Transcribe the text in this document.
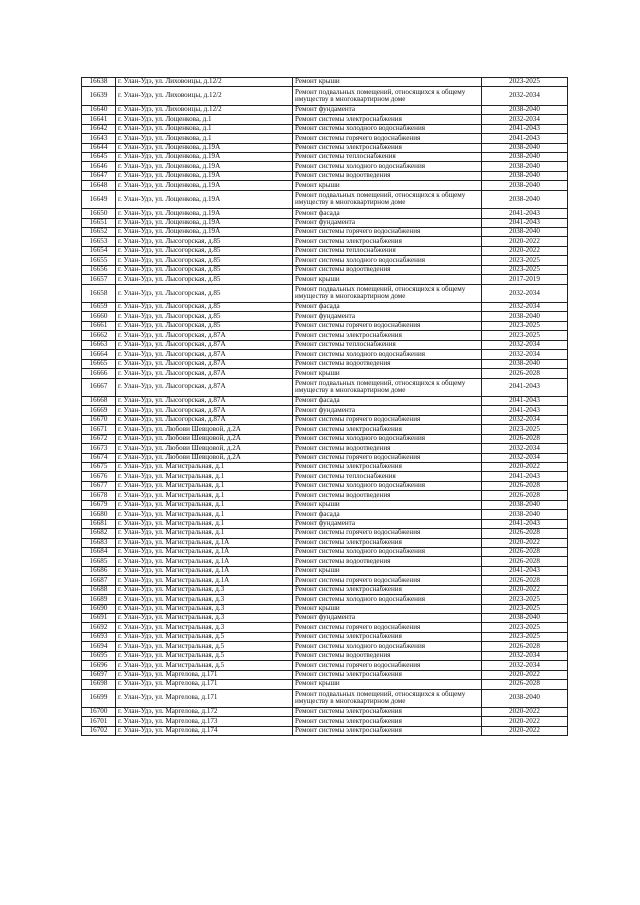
16638	г. Улан-Удэ, ул. Лиховоицы, д.12/2	Ремонт крыши	2023-2025
16639	г. Улан-Удэ, ул. Лиховоицы, д.12/2	Ремонт подвальных помещений, относящихся к общему имуществу в многоквартирном доме	2032-2034
16640	г. Улан-Удэ, ул. Лиховоицы, д.12/2	Ремонт фундамента	2038-2040
16641	г. Улан-Удэ, ул. Лощенкова, д.1	Ремонт системы электроснабжения	2032-2034
16642	г. Улан-Удэ, ул. Лощенкова, д.1	Ремонт системы холодного водоснабжения	2041-2043
16643	г. Улан-Удэ, ул. Лощенкова, д.1	Ремонт системы горячего водоснабжения	2041-2043
16644	г. Улан-Удэ, ул. Лощенкова, д.19А	Ремонт системы электроснабжения	2038-2040
16645	г. Улан-Удэ, ул. Лощенкова, д.19А	Ремонт системы теплоснабжения	2038-2040
16646	г. Улан-Удэ, ул. Лощенкова, д.19А	Ремонт системы холодного водоснабжения	2038-2040
16647	г. Улан-Удэ, ул. Лощенкова, д.19А	Ремонт системы водоотведения	2038-2040
16648	г. Улан-Удэ, ул. Лощенкова, д.19А	Ремонт крыши	2038-2040
16649	г. Улан-Удэ, ул. Лощенкова, д.19А	Ремонт подвальных помещений, относящихся к общему имуществу в многоквартирном доме	2038-2040
16650	г. Улан-Удэ, ул. Лощенкова, д.19А	Ремонт фасада	2041-2043
16651	г. Улан-Удэ, ул. Лощенкова, д.19А	Ремонт фундамента	2041-2043
16652	г. Улан-Удэ, ул. Лощенкова, д.19А	Ремонт системы горячего водоснабжения	2038-2040
16653	г. Улан-Удэ, ул. Лысогорская, д.85	Ремонт системы электроснабжения	2020-2022
16654	г. Улан-Удэ, ул. Лысогорская, д.85	Ремонт системы теплоснабжения	2020-2022
16655	г. Улан-Удэ, ул. Лысогорская, д.85	Ремонт системы холодного водоснабжения	2023-2025
16656	г. Улан-Удэ, ул. Лысогорская, д.85	Ремонт системы водоотведения	2023-2025
16657	г. Улан-Удэ, ул. Лысогорская, д.85	Ремонт крыши	2017-2019
16658	г. Улан-Удэ, ул. Лысогорская, д.85	Ремонт подвальных помещений, относящихся к общему имуществу в многоквартирном доме	2032-2034
16659	г. Улан-Удэ, ул. Лысогорская, д.85	Ремонт фасада	2032-2034
16660	г. Улан-Удэ, ул. Лысогорская, д.85	Ремонт фундамента	2038-2040
16661	г. Улан-Удэ, ул. Лысогорская, д.85	Ремонт системы горячего водоснабжения	2023-2025
16662	г. Улан-Удэ, ул. Лысогорская, д.87А	Ремонт системы электроснабжения	2023-2025
16663	г. Улан-Удэ, ул. Лысогорская, д.87А	Ремонт системы теплоснабжения	2032-2034
16664	г. Улан-Удэ, ул. Лысогорская, д.87А	Ремонт системы холодного водоснабжения	2032-2034
16665	г. Улан-Удэ, ул. Лысогорская, д.87А	Ремонт системы водоотведения	2038-2040
16666	г. Улан-Удэ, ул. Лысогорская, д.87А	Ремонт крыши	2026-2028
16667	г. Улан-Удэ, ул. Лысогорская, д.87А	Ремонт подвальных помещений, относящихся к общему имуществу в многоквартирном доме	2041-2043
16668	г. Улан-Удэ, ул. Лысогорская, д.87А	Ремонт фасада	2041-2043
16669	г. Улан-Удэ, ул. Лысогорская, д.87А	Ремонт фундамента	2041-2043
16670	г. Улан-Удэ, ул. Лысогорская, д.87А	Ремонт системы горячего водоснабжения	2032-2034
16671	г. Улан-Удэ, ул. Любови Шевцовой, д.2А	Ремонт системы электроснабжения	2023-2025
16672	г. Улан-Удэ, ул. Любови Шевцовой, д.2А	Ремонт системы холодного водоснабжения	2026-2028
16673	г. Улан-Удэ, ул. Любови Шевцовой, д.2А	Ремонт системы водоотведения	2032-2034
16674	г. Улан-Удэ, ул. Любови Шевцовой, д.2А	Ремонт системы горячего водоснабжения	2032-2034
16675	г. Улан-Удэ, ул. Магистральная, д.1	Ремонт системы электроснабжения	2020-2022
16676	г. Улан-Удэ, ул. Магистральная, д.1	Ремонт системы теплоснабжения	2041-2043
16677	г. Улан-Удэ, ул. Магистральная, д.1	Ремонт системы холодного водоснабжения	2026-2028
16678	г. Улан-Удэ, ул. Магистральная, д.1	Ремонт системы водоотведения	2026-2028
16679	г. Улан-Удэ, ул. Магистральная, д.1	Ремонт крыши	2038-2040
16680	г. Улан-Удэ, ул. Магистральная, д.1	Ремонт фасада	2038-2040
16681	г. Улан-Удэ, ул. Магистральная, д.1	Ремонт фундамента	2041-2043
16682	г. Улан-Удэ, ул. Магистральная, д.1	Ремонт системы горячего водоснабжения	2026-2028
16683	г. Улан-Удэ, ул. Магистральная, д.1А	Ремонт системы электроснабжения	2020-2022
16684	г. Улан-Удэ, ул. Магистральная, д.1А	Ремонт системы холодного водоснабжения	2026-2028
16685	г. Улан-Удэ, ул. Магистральная, д.1А	Ремонт системы водоотведения	2026-2028
16686	г. Улан-Удэ, ул. Магистральная, д.1А	Ремонт крыши	2041-2043
16687	г. Улан-Удэ, ул. Магистральная, д.1А	Ремонт системы горячего водоснабжения	2026-2028
16688	г. Улан-Удэ, ул. Магистральная, д.3	Ремонт системы электроснабжения	2020-2022
16689	г. Улан-Удэ, ул. Магистральная, д.3	Ремонт системы холодного водоснабжения	2023-2025
16690	г. Улан-Удэ, ул. Магистральная, д.3	Ремонт крыши	2023-2025
16691	г. Улан-Удэ, ул. Магистральная, д.3	Ремонт фундамента	2038-2040
16692	г. Улан-Удэ, ул. Магистральная, д.3	Ремонт системы горячего водоснабжения	2023-2025
16693	г. Улан-Удэ, ул. Магистральная, д.5	Ремонт системы электроснабжения	2023-2025
16694	г. Улан-Удэ, ул. Магистральная, д.5	Ремонт системы холодного водоснабжения	2026-2028
16695	г. Улан-Удэ, ул. Магистральная, д.5	Ремонт системы водоотведения	2032-2034
16696	г. Улан-Удэ, ул. Магистральная, д.5	Ремонт системы горячего водоснабжения	2032-2034
16697	г. Улан-Удэ, ул. Маргелова, д.171	Ремонт системы электроснабжения	2020-2022
16698	г. Улан-Удэ, ул. Маргелова, д.171	Ремонт крыши	2026-2028
16699	г. Улан-Удэ, ул. Маргелова, д.171	Ремонт подвальных помещений, относящихся к общему имуществу в многоквартирном доме	2038-2040
16700	г. Улан-Удэ, ул. Маргелова, д.172	Ремонт системы электроснабжения	2020-2022
16701	г. Улан-Удэ, ул. Маргелова, д.173	Ремонт системы электроснабжения	2020-2022
16702	г. Улан-Удэ, ул. Маргелова, д.174	Ремонт системы электроснабжения	2020-2022
